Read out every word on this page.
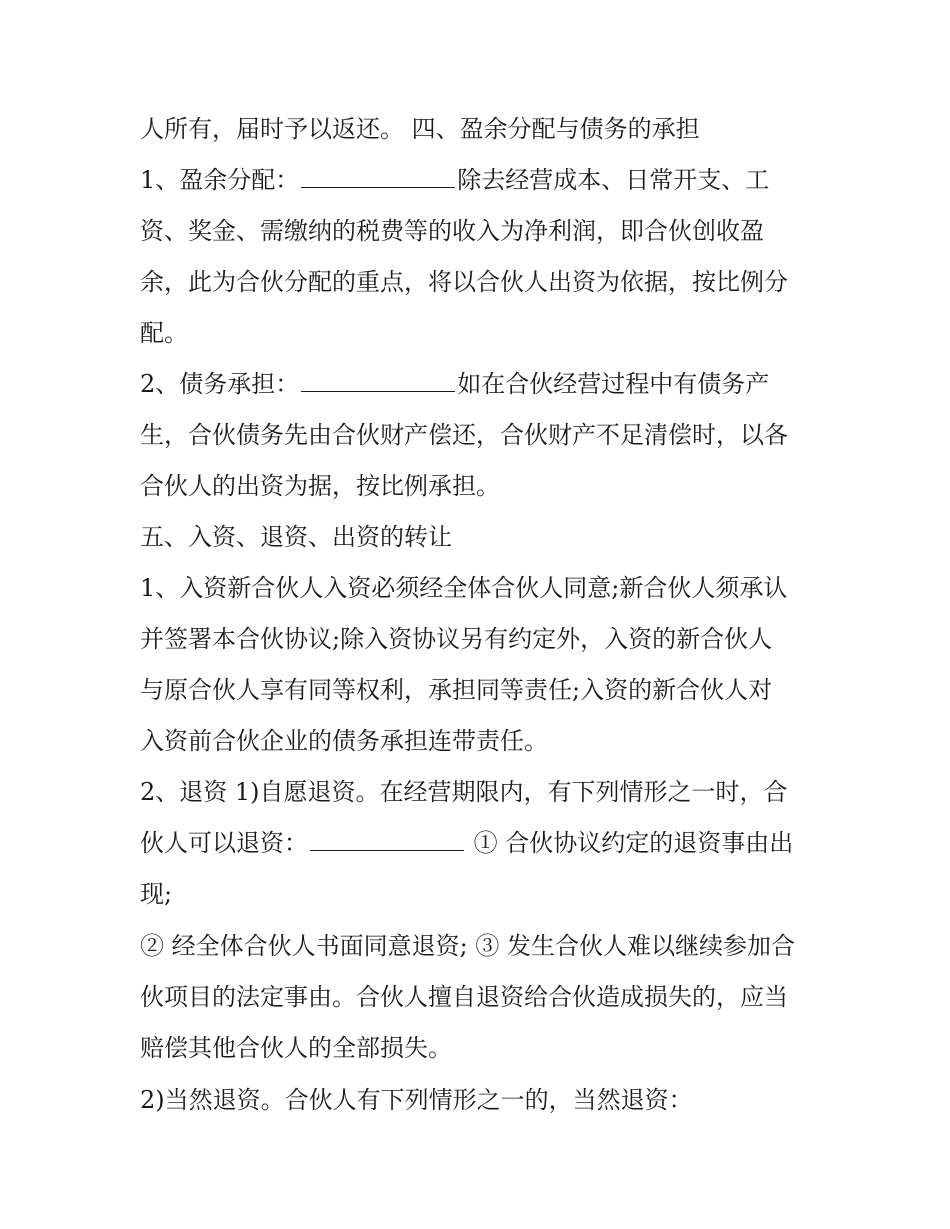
人所有，届时予以返还。 四、盈余分配与债务的承担
1、盈余分配：	除去经营成本、日常开支、工
资、奖金、需缴纳的税费等的收入为净利润，即合伙创收盈
余，此为合伙分配的重点，将以合伙人出资为依据，按比例分
配。
2、债务承担：	如在合伙经营过程中有债务产
生，合伙债务先由合伙财产偿还，合伙财产不足清偿时，以各
合伙人的出资为据，按比例承担。
五、入资、退资、出资的转让
1、入资新合伙人入资必须经全体合伙人同意;新合伙人须承认
并签署本合伙协议;除入资协议另有约定外，入资的新合伙人
与原合伙人享有同等权利，承担同等责任;入资的新合伙人对
入资前合伙企业的债务承担连带责任。
2、退资 1)自愿退资。在经营期限内，有下列情形之一时，合
伙人可以退资：	① 合伙协议约定的退资事由出
现;
② 经全体合伙人书面同意退资; ③ 发生合伙人难以继续参加合
伙项目的法定事由。合伙人擅自退资给合伙造成损失的，应当
赔偿其他合伙人的全部损失。
2)当然退资。合伙人有下列情形之一的，当然退资：
